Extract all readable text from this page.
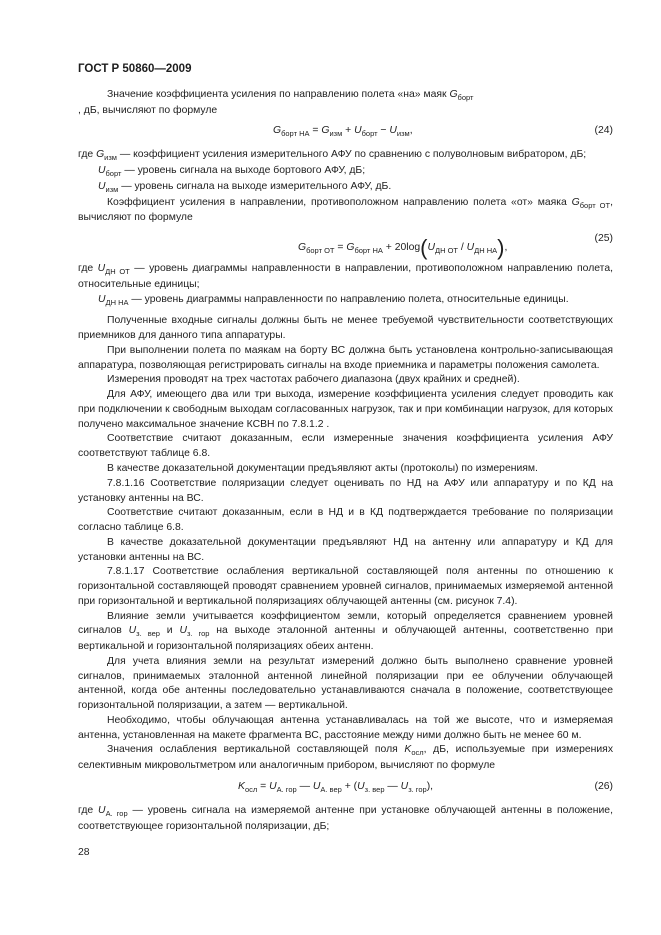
ГОСТ Р 50860—2009

Значение коэффициента усиления по направлению полета «на» маяк $G_{борт}$
, дБ, вычисляют по формуле

$G_{борт НА} = G_{изм} + U_{борт} - U_{изм}$,	(24)

где $G_{изм}$ — коэффициент усиления измерительного АФУ по сравнению с полуволновым вибратором, дБ;

$U_{борт}$ — уровень сигнала на выходе бортового АФУ, дБ;

$U_{изм}$ — уровень сигнала на выходе измерительного АФУ, дБ.

Коэффициент усиления в направлении, противоположном направлению полета «от» маяка $G_{борт ОТ}$, вычисляют по формуле

$G_{борт ОТ} = G_{борт НА} + 20\log(U_{ДН ОТ} / U_{ДН НА})$,
(25)

где $U_{ДН ОТ}$ — уровень диаграммы направленности в направлении, противоположном направлению полета, относительные единицы;

$U_{ДН НА}$ — уровень диаграммы направленности по направлению полета, относительные единицы.

Полученные входные сигналы должны быть не менее требуемой чувствительности соответствующих приемников для данного типа аппаратуры.

При выполнении полета по маякам на борту ВС должна быть установлена контрольно-записывающая аппаратура, позволяющая регистрировать сигналы на входе приемника и параметры положения самолета.

Измерения проводят на трех частотах рабочего диапазона (двух крайних и средней).

Для АФУ, имеющего два или три выхода, измерение коэффициента усиления следует проводить как при подключении к свободным выходам согласованных нагрузок, так и при комбинации нагрузок, для которых получено максимальное значение КСВН по 7.8.1.2 .

Соответствие считают доказанным, если измеренные значения коэффициента усиления АФУ соответствуют таблице 6.8.

В качестве доказательной документации предъявляют акты (протоколы) по измерениям.

7.8.1.16 Соответствие поляризации следует оценивать по НД на АФУ или аппаратуру и по КД на установку антенны на ВС.

Соответствие считают доказанным, если в НД и в КД подтверждается требование по поляризации согласно таблице 6.8.

В качестве доказательной документации предъявляют НД на антенну или аппаратуру и КД для установки антенны на ВС.

7.8.1.17 Соответствие ослабления вертикальной составляющей поля антенны по отношению к горизонтальной составляющей проводят сравнением уровней сигналов, принимаемых измеряемой антенной при горизонтальной и вертикальной поляризациях облучающей антенны (см. рисунок 7.4).

Влияние земли учитывается коэффициентом земли, который определяется сравнением уровней сигналов $U_{з. вер}$ и $U_{з. гор}$ на выходе эталонной антенны и облучающей антенны, соответственно при вертикальной и горизонтальной поляризациях обеих антенн.

Для учета влияния земли на результат измерений должно быть выполнено сравнение уровней сигналов, принимаемых эталонной антенной линейной поляризации при ее облучении облучающей антенной, когда обе антенны последовательно устанавливаются сначала в положение, соответствующее горизонтальной поляризации, а затем — вертикальной.

Необходимо, чтобы облучающая антенна устанавливалась на той же высоте, что и измеряемая антенна, установленная на макете фрагмента ВС, расстояние между ними должно быть не менее 60 м.

Значения ослабления вертикальной составляющей поля $K_{осл}$, дБ, используемые при измерениях селективным микровольтметром или аналогичным прибором, вычисляют по формуле

$K_{осл} = U_{А. гор}$ — $U_{А. вер} + (U_{з. вер}$ — $U_{з. гор}$),	(26)

где $U_{А. гор}$ — уровень сигнала на измеряемой антенне при установке облучающей антенны в положение, соответствующее горизонтальной поляризации, дБ;

28
